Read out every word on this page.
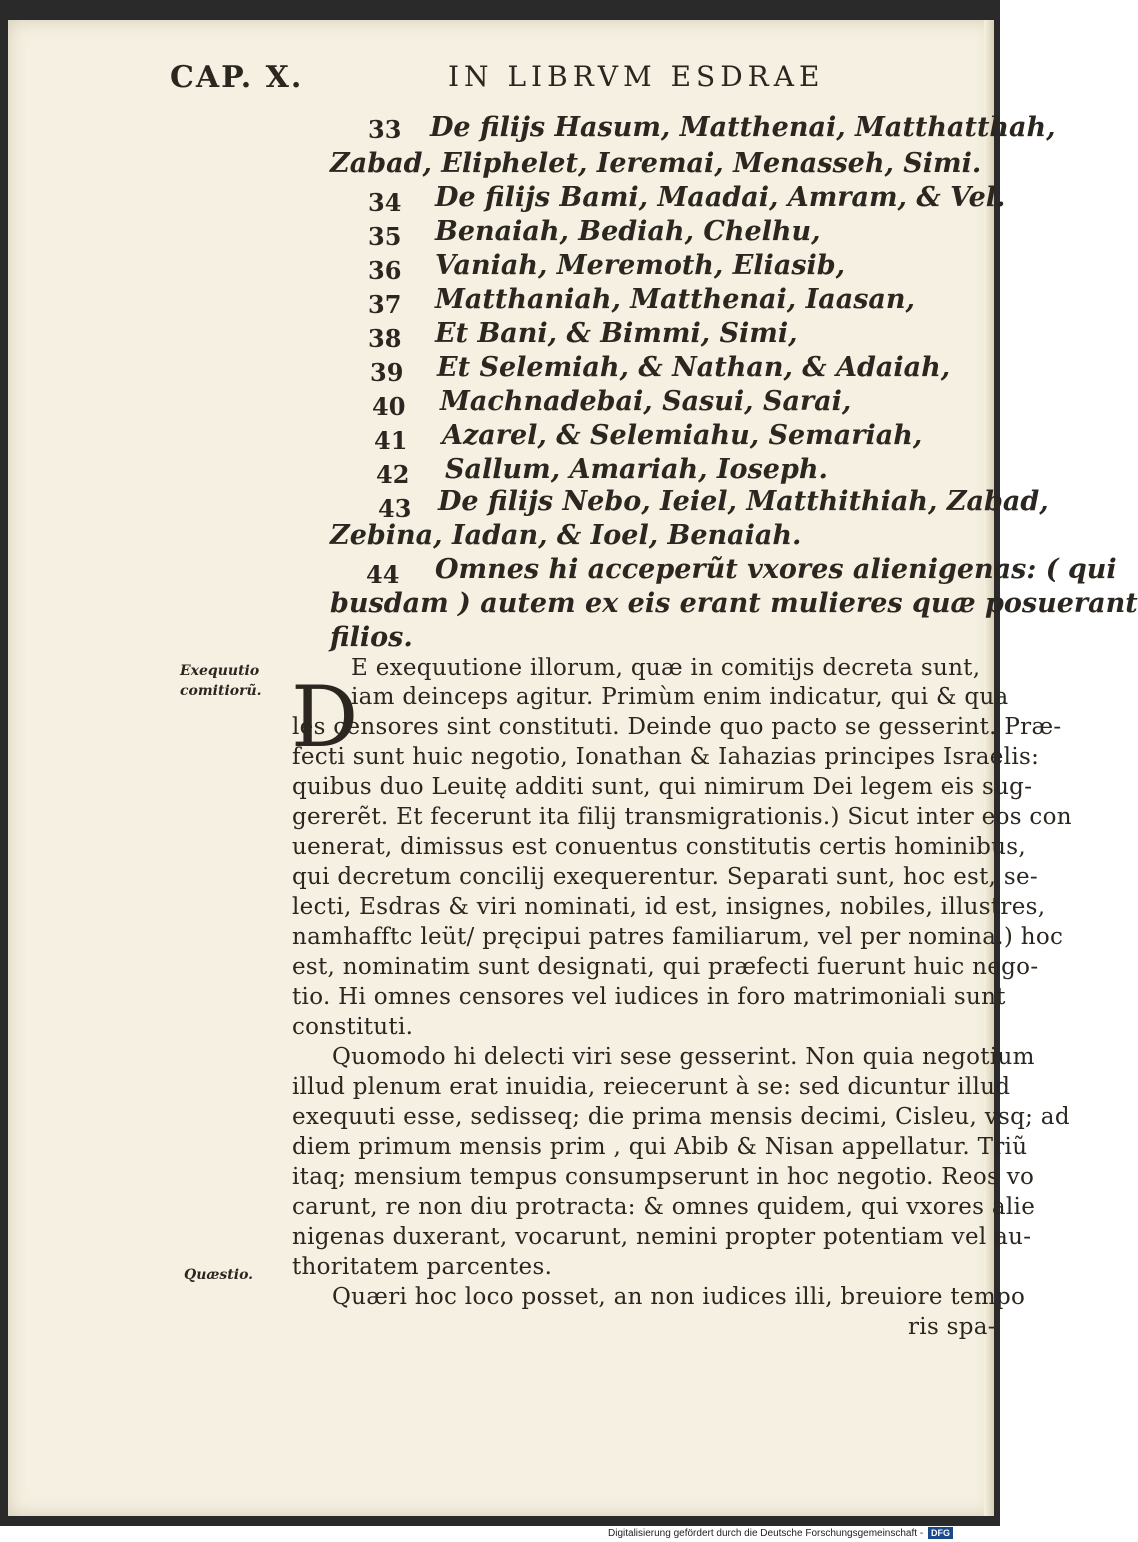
CAP. X.	IN LIBRVM ESDRAE
33 De filijs Hasum, Matthenai, Matthatthah,
Zabad, Eliphelet, Ieremai, Menasseh, Simi.
34 De filijs Bami, Maadai, Amram, & Vel.
35 Benaiah, Bediah, Chelhu,
36 Vaniah, Meremoth, Eliasib,
37 Matthaniah, Matthenai, Iaasan,
38 Et Bani, & Bimmi, Simi,
39 Et Selemiah, & Nathan, & Adaiah,
40 Machnadebai, Sasui, Sarai,
41 Azarel, & Selemiahu, Semariah,
42 Sallum, Amariah, Ioseph.
43 De filijs Nebo, Ieiel, Matthithiah, Zabad,
Zebina, Iadan, & Ioel, Benaiah.
44 Omnes hi acceperũt vxores alienigenas: ( qui
busdam ) autem ex eis erant mulieres quæ posuerant
filios.
Exequutio
comitiorũ.
Quæstio.
D
E exequutione illorum, quæ in comitijs decreta sunt,
iam deinceps agitur. Primùm enim indicatur, qui & qua
les censores sint constituti. Deinde quo pacto se gesserint. Præ-
fecti sunt huic negotio, Ionathan & Iahazias principes Israelis:
quibus duo Leuitę additi sunt, qui nimirum Dei legem eis sug-
gererẽt. Et fecerunt ita filij transmigrationis.) Sicut inter eos con
uenerat, dimissus est conuentus constitutis certis hominibus,
qui decretum concilij exequerentur. Separati sunt, hoc est, se-
lecti, Esdras & viri nominati, id est, insignes, nobiles, illustres,
namhafftc leüt/ pręcipui patres familiarum, vel per nomina.) hoc
est, nominatim sunt designati, qui præfecti fuerunt huic nego-
tio. Hi omnes censores vel iudices in foro matrimoniali sunt
constituti.
Quomodo hi delecti viri sese gesserint. Non quia negotium
illud plenum erat inuidia, reiecerunt à se: sed dicuntur illud
exequuti esse, sedisseq; die prima mensis decimi, Cisleu, vsq; ad
diem primum mensis prim , qui Abib & Nisan appellatur. Triũ
itaq; mensium tempus consumpserunt in hoc negotio. Reos vo
carunt, re non diu protracta: & omnes quidem, qui vxores alie
nigenas duxerant, vocarunt, nemini propter potentiam vel au-
thoritatem parcentes.
Quæri hoc loco posset, an non iudices illi, breuiore tempo
ris spa-
Digitalisierung gefördert durch die Deutsche Forschungsgemeinschaft - DFG
